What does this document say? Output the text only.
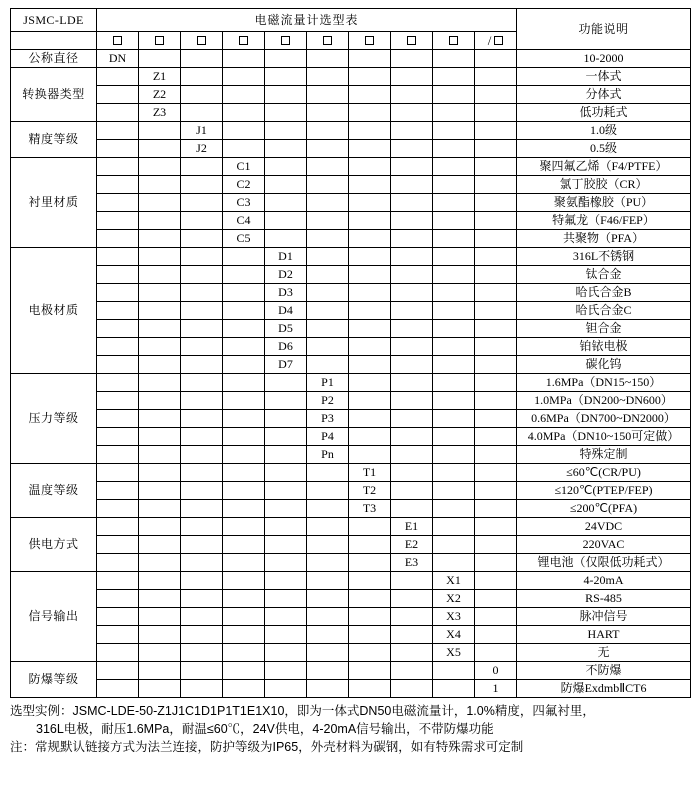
JSMC-LDE	电磁流量计选型表										功能说明

										/	

公称直径	DN										10-2000
转换器类型		Z1									一体式
		Z2									分体式
		Z3									低功耗式
精度等级			J1								1.0级
			J2								0.5级
衬里材质				C1							聚四氟乙烯（F4/PTFE）
				C2							氯丁胶胶（CR）
				C3							聚氨酯橡胶（PU）
				C4							特氟龙（F46/FEP）
				C5							共聚物（PFA）
电极材质					D1						316L不锈钢
					D2						钛合金
					D3						哈氏合金B
					D4						哈氏合金C
					D5						钽合金
					D6						铂铱电极
					D7						碳化钨
压力等级						P1					1.6MPa（DN15~150）
						P2					1.0MPa（DN200~DN600）
						P3					0.6MPa（DN700~DN2000）
						P4					4.0MPa（DN10~150可定做）
						Pn					特殊定制
温度等级							T1				≤60℃(CR/PU)
							T2				≤120℃(PTEP/FEP)
							T3				≤200℃(PFA)
供电方式								E1			24VDC
								E2			220VAC
								E3			锂电池（仅限低功耗式）
信号输出									X1		4-20mA
									X2		RS-485
									X3		脉冲信号
									X4		HART
									X5		无
防爆等级										0	不防爆
										1	防爆ExdmbⅡCT6
选型实例：JSMC-LDE-50-Z1J1C1D1P1T1E1X10，即为一体式DN50电磁流量计，1.0%精度，四氟衬里，
316L电极，耐压1.6MPa，耐温≤60℃，24V供电，4-20mA信号输出，不带防爆功能
注：常规默认链接方式为法兰连接，防护等级为IP65，外壳材料为碳钢，如有特殊需求可定制
